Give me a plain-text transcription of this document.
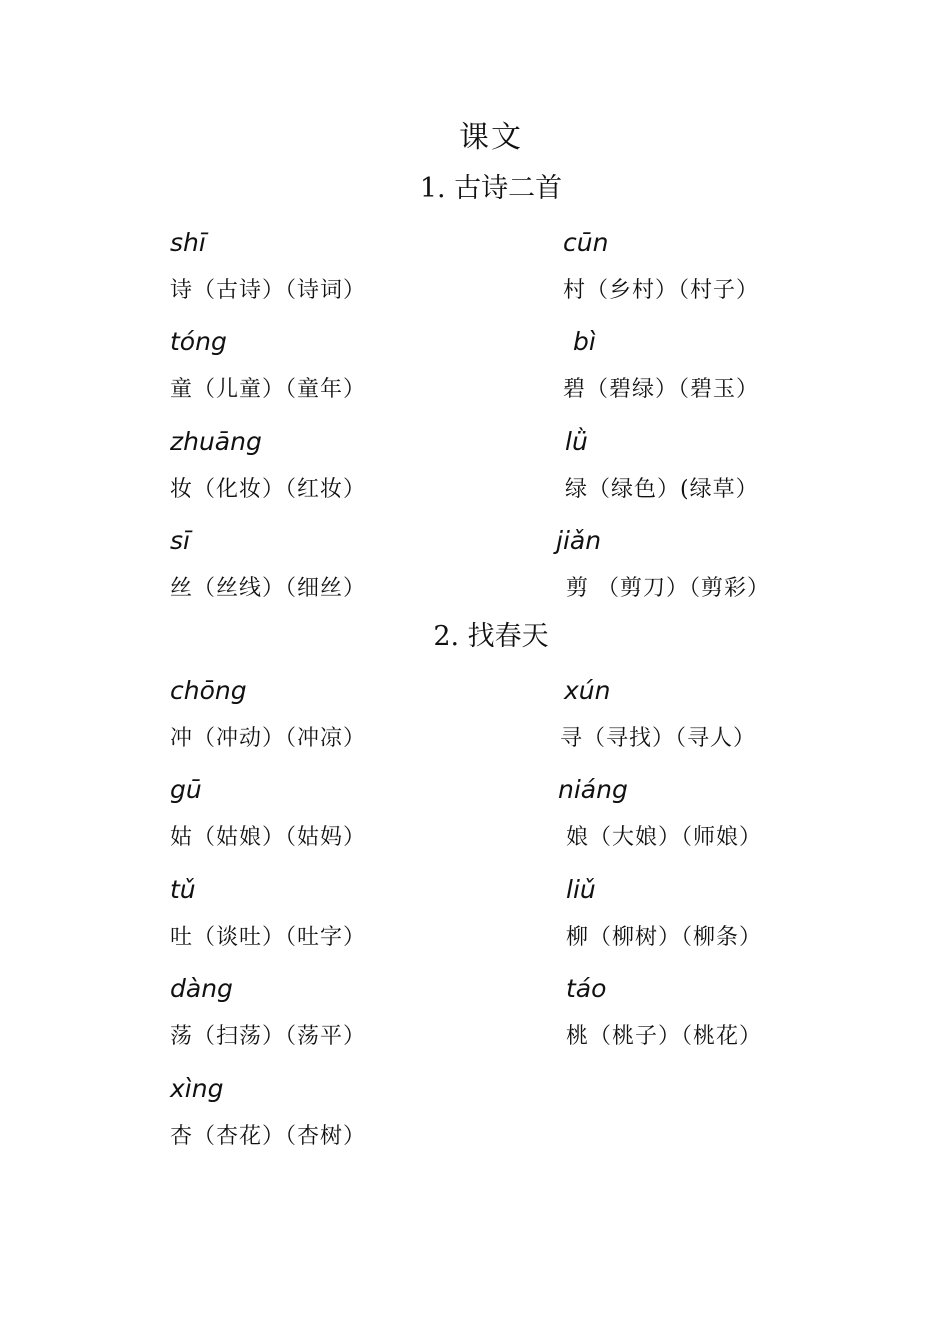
课文
1. 古诗二首
shī
诗（古诗）（诗词）
cūn
村（乡村）（村子）
tóng
童（儿童）（童年）
bì
碧（碧绿）（碧玉）
zhuāng
妆（化妆）（红妆）
lǜ
绿（绿色）(绿草）
sī
丝（丝线）（细丝）
jiǎn
剪 （剪刀）（剪彩）
2. 找春天
chōng
冲（冲动）（冲凉）
xún
寻（寻找）（寻人）
gū
姑（姑娘）（姑妈）
niáng
娘（大娘）（师娘）
tǔ
吐（谈吐）（吐字）
liǔ
柳（柳树）（柳条）
dàng
荡（扫荡）（荡平）
táo
桃（桃子）（桃花）
xìng
杏（杏花）（杏树）
